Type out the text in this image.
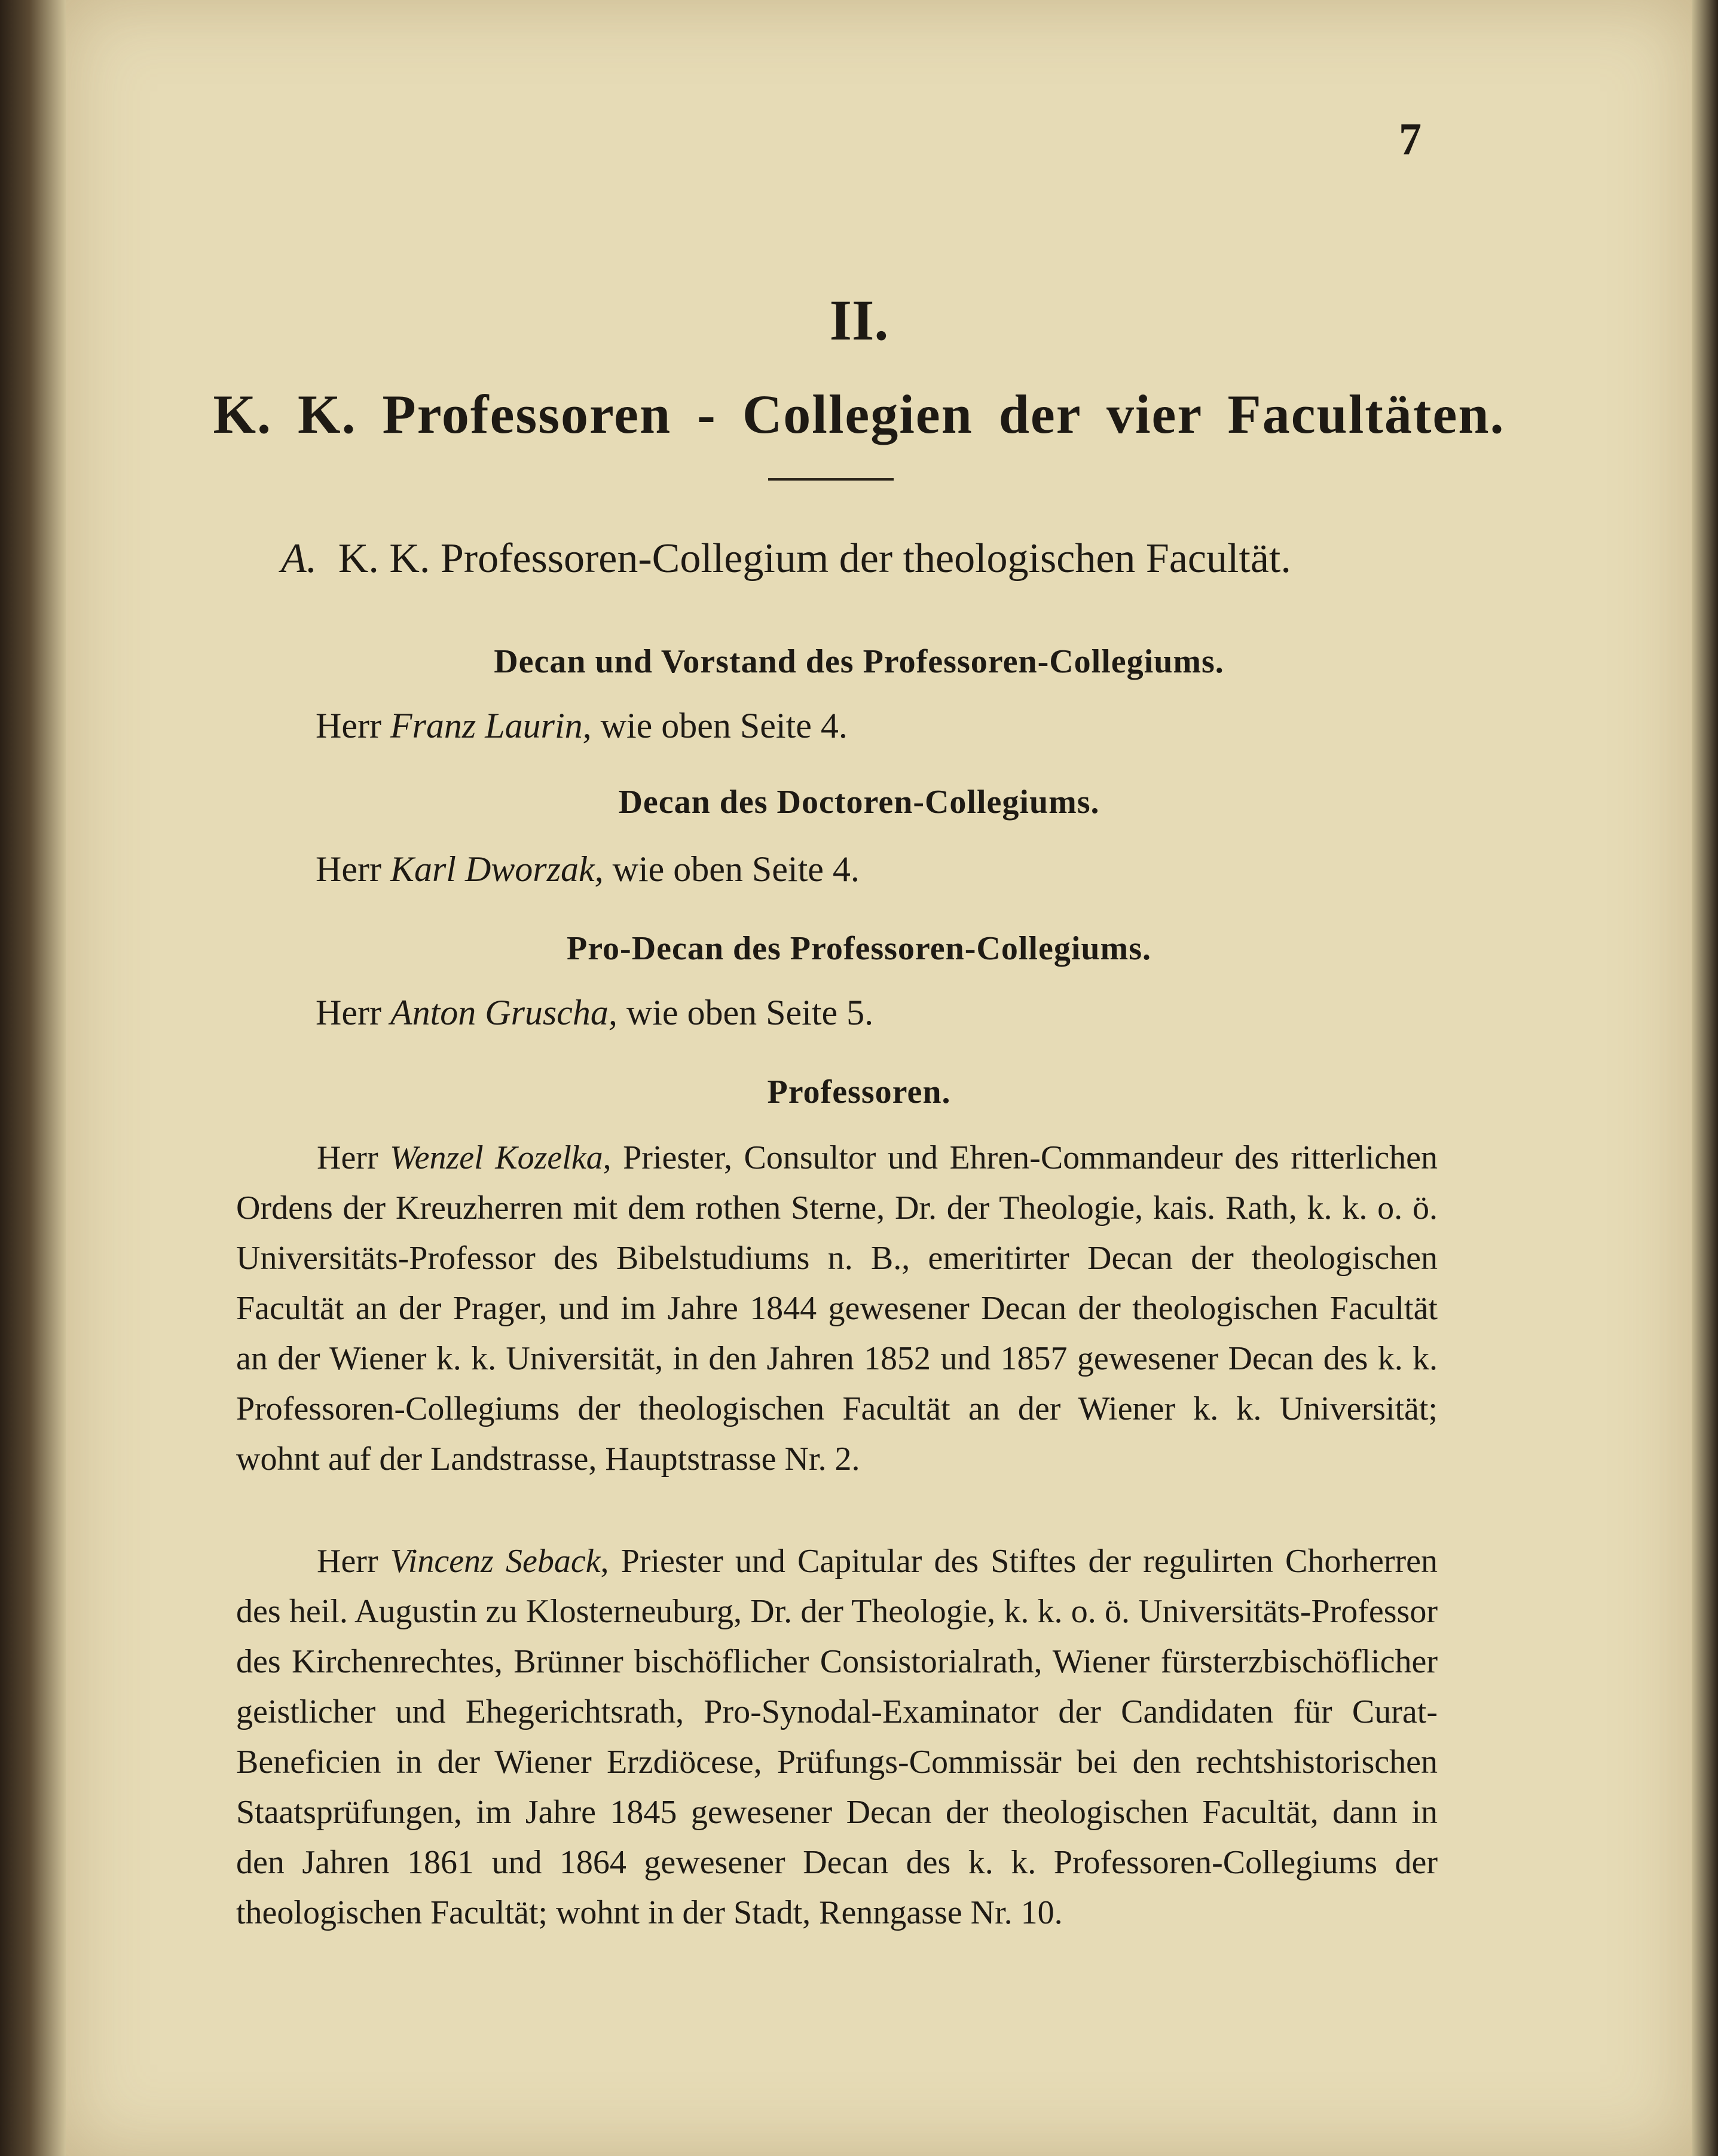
7
II.
K. K. Professoren - Collegien der vier Facultäten.
A. K. K. Professoren-Collegium der theologischen Facultät.
Decan und Vorstand des Professoren-Collegiums.
Herr Franz Laurin, wie oben Seite 4.
Decan des Doctoren-Collegiums.
Herr Karl Dworzak, wie oben Seite 4.
Pro-Decan des Professoren-Collegiums.
Herr Anton Gruscha, wie oben Seite 5.
Professoren.
Herr Wenzel Kozelka, Priester, Consultor und Ehren-Commandeur des ritterlichen Ordens der Kreuzherren mit dem rothen Sterne, Dr. der Theologie, kais. Rath, k. k. o. ö. Universitäts-Professor des Bibelstudiums n. B., emeritirter Decan der theologischen Facultät an der Prager, und im Jahre 1844 gewesener Decan der theologischen Facultät an der Wiener k. k. Universität, in den Jahren 1852 und 1857 gewesener Decan des k. k. Professoren-Collegiums der theologischen Facultät an der Wiener k. k. Universität; wohnt auf der Landstrasse, Hauptstrasse Nr. 2.
Herr Vincenz Seback, Priester und Capitular des Stiftes der regulirten Chorherren des heil. Augustin zu Klosterneuburg, Dr. der Theologie, k. k. o. ö. Universitäts-Professor des Kirchenrechtes, Brünner bischöflicher Consistorialrath, Wiener fürsterzbischöflicher geistlicher und Ehegerichtsrath, Pro-Synodal-Examinator der Candidaten für Curat-Beneficien in der Wiener Erzdiöcese, Prüfungs-Commissär bei den rechtshistorischen Staatsprüfungen, im Jahre 1845 gewesener Decan der theologischen Facultät, dann in den Jahren 1861 und 1864 gewesener Decan des k. k. Professoren-Collegiums der theologischen Facultät; wohnt in der Stadt, Renngasse Nr. 10.
